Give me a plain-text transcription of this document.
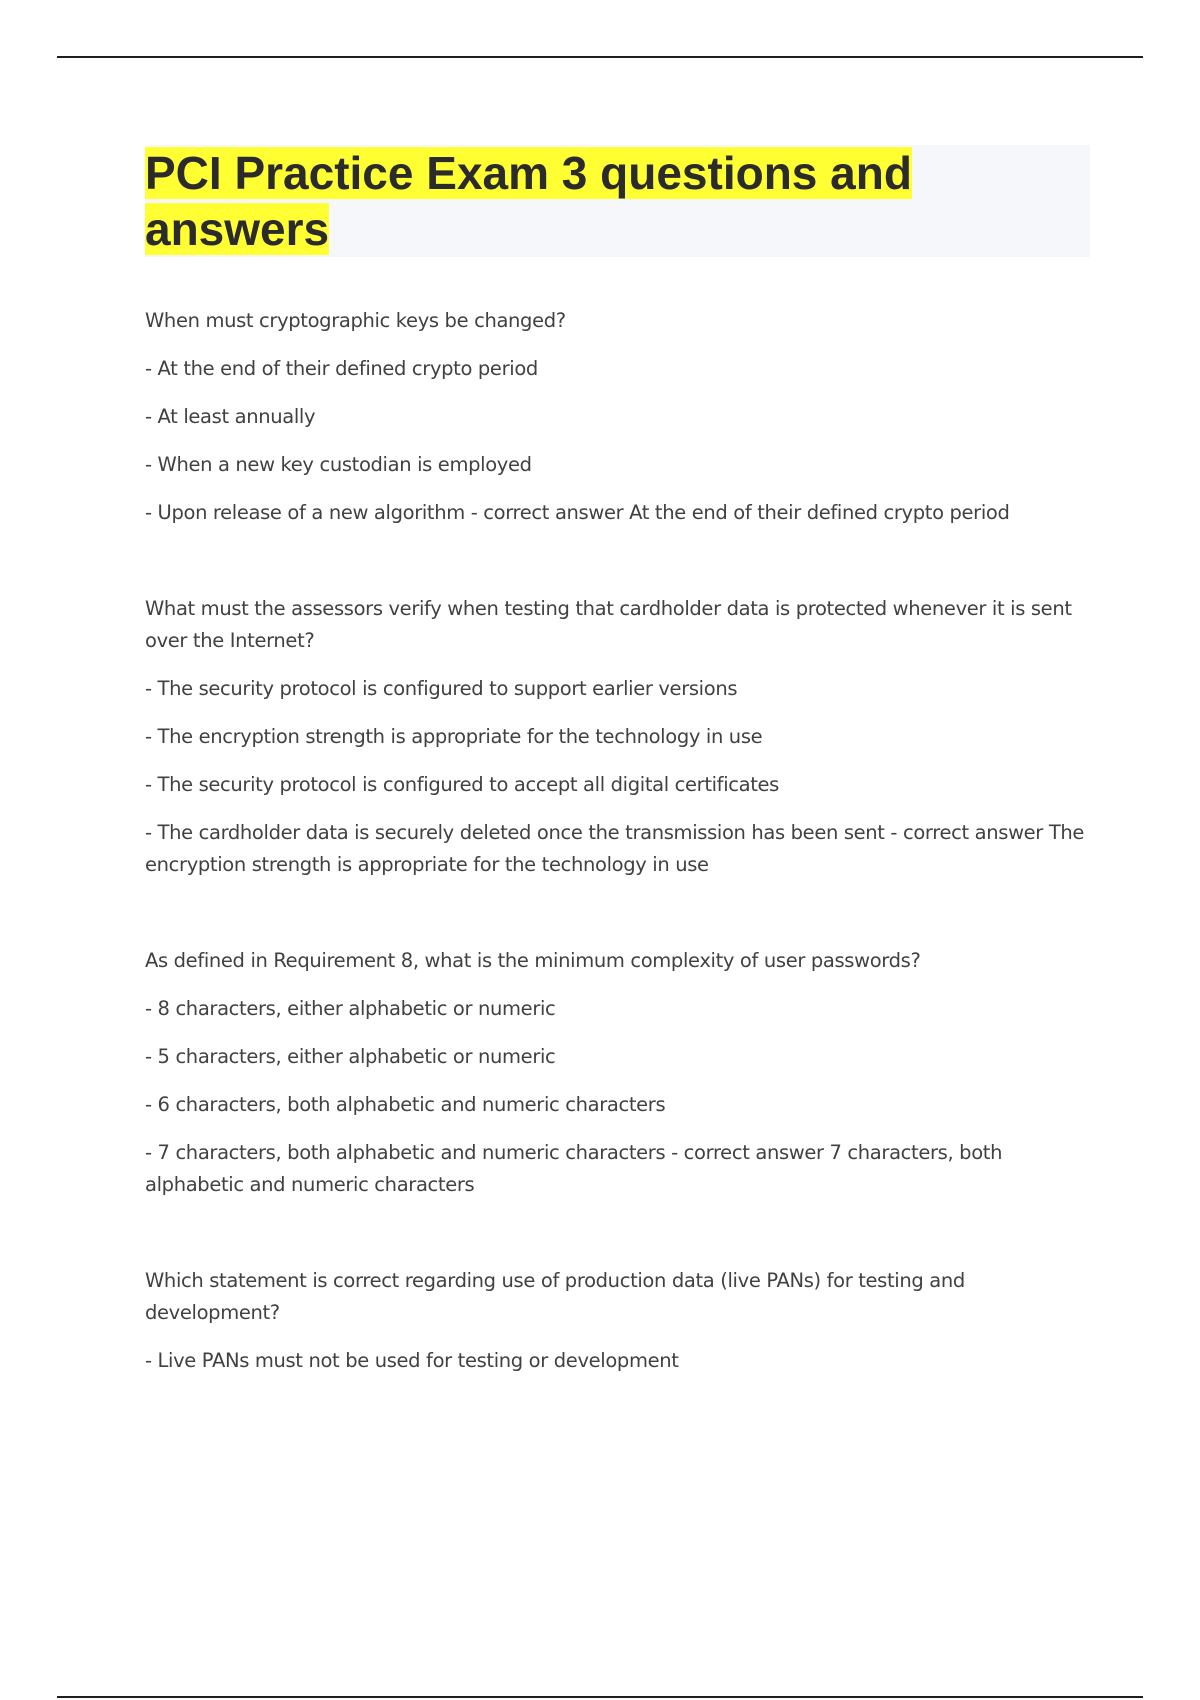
PCI Practice Exam 3 questions and answers

When must cryptographic keys be changed?

- At the end of their defined crypto period

- At least annually

- When a new key custodian is employed

- Upon release of a new algorithm - correct answer At the end of their defined crypto period

What must the assessors verify when testing that cardholder data is protected whenever it is sent over the Internet?

- The security protocol is configured to support earlier versions

- The encryption strength is appropriate for the technology in use

- The security protocol is configured to accept all digital certificates

- The cardholder data is securely deleted once the transmission has been sent - correct answer The encryption strength is appropriate for the technology in use

As defined in Requirement 8, what is the minimum complexity of user passwords?

- 8 characters, either alphabetic or numeric

- 5 characters, either alphabetic or numeric

- 6 characters, both alphabetic and numeric characters

- 7 characters, both alphabetic and numeric characters - correct answer 7 characters, both alphabetic and numeric characters

Which statement is correct regarding use of production data (live PANs) for testing and development?

- Live PANs must not be used for testing or development
